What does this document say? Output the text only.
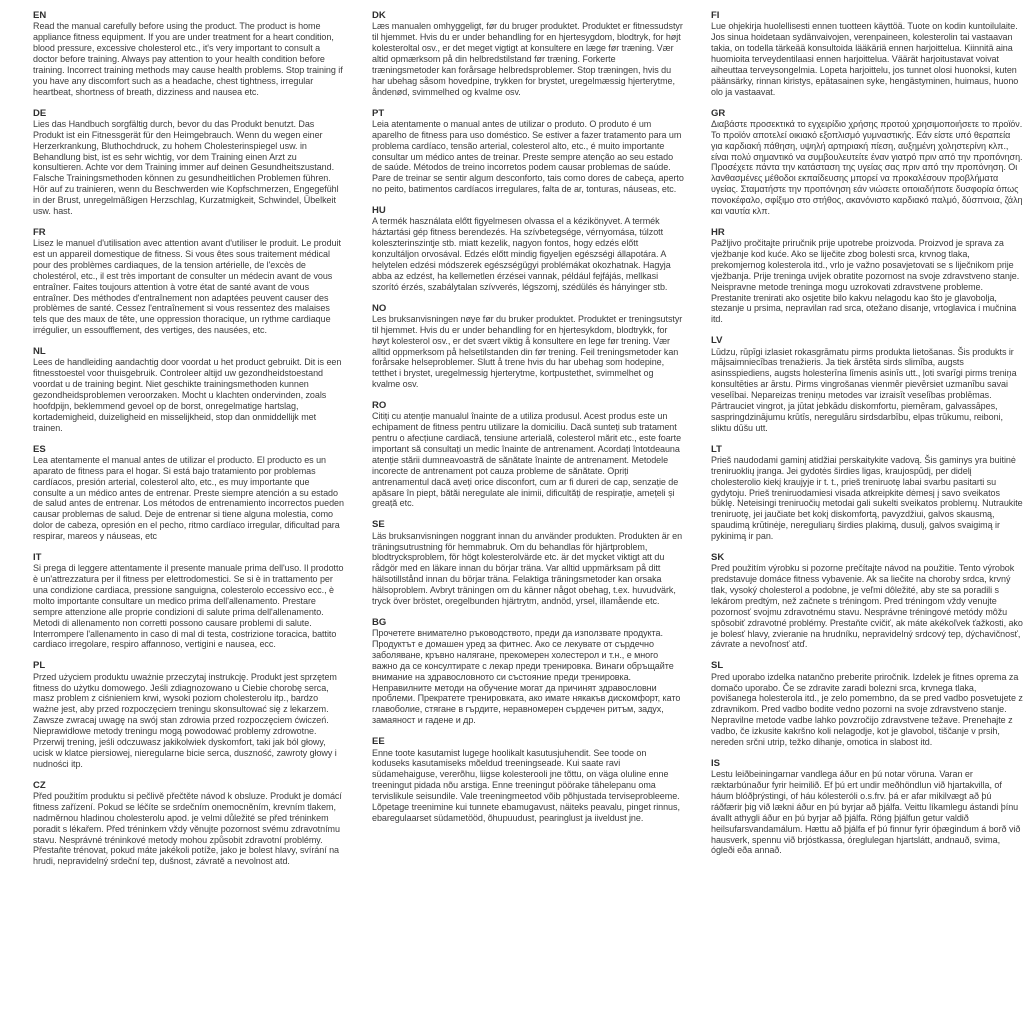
EN

Read the manual carefully before using the product. The product is home appliance fitness equipment. If you are under treatment for a heart condition, blood pressure, excessive cholesterol etc., it's very important to consult a doctor before training. Always pay attention to your health condition before training. Incorrect training methods may cause health problems. Stop training if you have any discomfort such as a headache, chest tightness, irregular heartbeat, shortness of breath, dizziness and nausea etc.

DE

Lies das Handbuch sorgfältig durch, bevor du das Produkt benutzt. Das Produkt ist ein Fitnessgerät für den Heimgebrauch. Wenn du wegen einer Herzerkrankung, Bluthochdruck, zu hohem Cholesterinspiegel usw. in Behandlung bist, ist es sehr wichtig, vor dem Training einen Arzt zu konsultieren. Achte vor dem Training immer auf deinen Gesundheitszustand. Falsche Trainingsmethoden können zu gesundheitlichen Problemen führen. Hör auf zu trainieren, wenn du Beschwerden wie Kopfschmerzen, Engegefühl in der Brust, unregelmäßigen Herzschlag, Kurzatmigkeit, Schwindel, Übelkeit usw. hast.

FR

Lisez le manuel d'utilisation avec attention avant d'utiliser le produit. Le produit est un appareil domestique de fitness. Si vous êtes sous traitement médical pour des problèmes cardiaques, de la tension artérielle, de l'excès de cholestérol, etc., il est très important de consulter un médecin avant de vous entraîner. Faites toujours attention à votre état de santé avant de vous entraîner. Des méthodes d'entraînement non adaptées peuvent causer des problèmes de santé. Cessez l'entraînement si vous ressentez des malaises tels que des maux de tête, une oppression thoracique, un rythme cardiaque irrégulier, un essoufflement, des vertiges, des nausées, etc.

NL

Lees de handleiding aandachtig door voordat u het product gebruikt. Dit is een fitnesstoestel voor thuisgebruik. Controleer altijd uw gezondheidstoestand voordat u de training begint. Niet geschikte trainingsmethoden kunnen gezondheidsproblemen veroorzaken. Mocht u klachten ondervinden, zoals hoofdpijn, beklemmend gevoel op de borst, onregelmatige hartslag, kortademigheid, duizeligheid en misselijkheid, stop dan onmiddellijk met trainen.

ES

Lea atentamente el manual antes de utilizar el producto. El producto es un aparato de fitness para el hogar. Si está bajo tratamiento por problemas cardíacos, presión arterial, colesterol alto, etc., es muy importante que consulte a un médico antes de entrenar. Preste siempre atención a su estado de salud antes de entrenar. Los métodos de entrenamiento incorrectos pueden causar problemas de salud. Deje de entrenar si tiene alguna molestia, como dolor de cabeza, opresión en el pecho, ritmo cardíaco irregular, dificultad para respirar, mareos y náuseas, etc

IT

Si prega di leggere attentamente il presente manuale prima dell'uso. Il prodotto è un'attrezzatura per il fitness per elettrodomestici. Se si è in trattamento per una condizione cardiaca, pressione sanguigna, colesterolo eccessivo ecc., è molto importante consultare un medico prima dell'allenamento. Prestare sempre attenzione alle proprie condizioni di salute prima dell'allenamento. Metodi di allenamento non corretti possono causare problemi di salute. Interrompere l'allenamento in caso di mal di testa, costrizione toracica, battito cardiaco irregolare, respiro affannoso, vertigini e nausea, ecc.

PL

Przed użyciem produktu uważnie przeczytaj instrukcję. Produkt jest sprzętem fitness do użytku domowego. Jeśli zdiagnozowano u Ciebie chorobę serca, masz problem z ciśnieniem krwi, wysoki poziom cholesterolu itp., bardzo ważne jest, aby przed rozpoczęciem treningu skonsultować się z lekarzem. Zawsze zwracaj uwagę na swój stan zdrowia przed rozpoczęciem ćwiczeń. Nieprawidłowe metody treningu mogą powodować problemy zdrowotne. Przerwij trening, jeśli odczuwasz jakikolwiek dyskomfort, taki jak ból głowy, ucisk w klatce piersiowej, nieregularne bicie serca, duszność, zawroty głowy i nudności itp.

CZ

Před použitím produktu si pečlivě přečtěte návod k obsluze. Produkt je domácí fitness zařízení. Pokud se léčíte se srdečním onemocněním, krevním tlakem, nadměrnou hladinou cholesterolu apod. je velmi důležité se před tréninkem poradit s lékařem. Před tréninkem vždy věnujte pozornost svému zdravotnímu stavu. Nesprávné tréninkové metody mohou způsobit zdravotní problémy. Přestaňte trénovat, pokud máte jakékoli potíže, jako je bolest hlavy, svírání na hrudi, nepravidelný srdeční tep, dušnost, závratě a nevolnost atd.

DK

Læs manualen omhyggeligt, før du bruger produktet. Produktet er fitnessudstyr til hjemmet. Hvis du er under behandling for en hjertesygdom, blodtryk, for højt kolesteroltal osv., er det meget vigtigt at konsultere en læge før træning. Vær altid opmærksom på din helbredstilstand før træning. Forkerte træningsmetoder kan forårsage helbredsproblemer. Stop træningen, hvis du har ubehag såsom hovedpine, trykken for brystet, uregelmæssig hjerterytme, åndenød, svimmelhed og kvalme osv.

PT

Leia atentamente o manual antes de utilizar o produto. O produto é um aparelho de fitness para uso doméstico. Se estiver a fazer tratamento para um problema cardíaco, tensão arterial, colesterol alto, etc., é muito importante consultar um médico antes de treinar. Preste sempre atenção ao seu estado de saúde. Métodos de treino incorretos podem causar problemas de saúde. Pare de treinar se sentir algum desconforto, tais como dores de cabeça, aperto no peito, batimentos cardíacos irregulares, falta de ar, tonturas, náuseas, etc.

HU

A termék használata előtt figyelmesen olvassa el a kézikönyvet. A termék háztartási gép fitness berendezés. Ha szívbetegsége, vérnyomása, túlzott koleszterinszintje stb. miatt kezelik, nagyon fontos, hogy edzés előtt konzultáljon orvosával. Edzés előtt mindig figyeljen egészségi állapotára. A helytelen edzési módszerek egészségügyi problémákat okozhatnak. Hagyja abba az edzést, ha kellemetlen érzései vannak, például fejfájás, mellkasi szorító érzés, szabálytalan szívverés, légszomj, szédülés és hányinger stb.

NO

Les bruksanvisningen nøye før du bruker produktet. Produktet er treningsutstyr til hjemmet. Hvis du er under behandling for en hjertesykdom, blodtrykk, for høyt kolesterol osv., er det svært viktig å konsultere en lege før trening. Vær alltid oppmerksom på helsetilstanden din før trening. Feil treningsmetoder kan forårsake helseproblemer. Slutt å trene hvis du har ubehag som hodepine, tetthet i brystet, uregelmessig hjerterytme, kortpustethet, svimmelhet og kvalme osv.

RO

Citiți cu atenție manualul înainte de a utiliza produsul. Acest produs este un echipament de fitness pentru utilizare la domiciliu. Dacă sunteți sub tratament pentru o afecțiune cardiacă, tensiune arterială, colesterol mărit etc., este foarte important să consultați un medic înainte de antrenament. Acordați întotdeauna atenție stării dumneavoastră de sănătate înainte de antrenament. Metodele incorecte de antrenament pot cauza probleme de sănătate. Opriți antrenamentul dacă aveți orice disconfort, cum ar fi dureri de cap, senzație de apăsare în piept, bătăi neregulate ale inimii, dificultăți de respirație, amețeli și greață etc.

SE

Läs bruksanvisningen noggrant innan du använder produkten. Produkten är en träningsutrustning för hemmabruk. Om du behandlas för hjärtproblem, blodtrycksproblem, för högt kolesterolvärde etc. är det mycket viktigt att du rådgör med en läkare innan du börjar träna. Var alltid uppmärksam på ditt hälsotillstånd innan du börjar träna. Felaktiga träningsmetoder kan orsaka hälsoproblem. Avbryt träningen om du känner något obehag, t.ex. huvudvärk, tryck över bröstet, oregelbunden hjärtrytm, andnöd, yrsel, illamående etc.

BG

Прочетете внимателно ръководството, преди да използвате продукта. Продуктът е домашен уред за фитнес. Ако се лекувате от сърдечно заболяване, кръвно налягане, прекомерен холестерол и т.н., е много важно да се консултирате с лекар преди тренировка. Винаги обръщайте внимание на здравословното си състояние преди тренировка. Неправилните методи на обучение могат да причинят здравословни проблеми. Прекратете тренировката, ако имате някакъв дискомфорт, като главоболие, стягане в гърдите, неравномерен сърдечен ритъм, задух, замаяност и гадене и др.

EE

Enne toote kasutamist lugege hoolikalt kasutusjuhendit. See toode on koduseks kasutamiseks mõeldud treeningseade. Kui saate ravi südamehaiguse, vererõhu, liigse kolesterooli jne tõttu, on väga oluline enne treeningut pidada nõu arstiga. Enne treeningut pöörake tähelepanu oma tervislikule seisundile. Vale treeningmeetod võib põhjustada terviseprobleeme. Lõpetage treenimine kui tunnete ebamugavust, näiteks peavalu, pinget rinnus, ebaregulaarset südametööd, õhupuudust, pearinglust ja iiveldust jne.

FI

Lue ohjekirja huolellisesti ennen tuotteen käyttöä. Tuote on kodin kuntoilulaite. Jos sinua hoidetaan sydänvaivojen, verenpaineen, kolesterolin tai vastaavan takia, on todella tärkeää konsultoida lääkäriä ennen harjoittelua. Kiinnitä aina huomioita terveydentilaasi ennen harjoittelua. Väärät harjoitustavat voivat aiheuttaa terveysongelmia. Lopeta harjoittelu, jos tunnet olosi huonoksi, kuten päänsärky, rinnan kiristys, epätasainen syke, hengästyminen, huimaus, huono olo ja vastaavat.

GR

Διαβάστε προσεκτικά το εγχειρίδιο χρήσης προτού χρησιμοποιήσετε το προϊόν. Το προϊόν αποτελεί οικιακό εξοπλισμό γυμναστικής. Εάν είστε υπό θεραπεία για καρδιακή πάθηση, υψηλή αρτηριακή πίεση, αυξημένη χοληστερίνη κλπ., είναι πολύ σημαντικό να συμβουλευτείτε έναν γιατρό πριν από την προπόνηση. Προσέχετε πάντα την κατάσταση της υγείας σας πριν από την προπόνηση. Οι λανθασμένες μέθοδοι εκπαίδευσης μπορεί να προκαλέσουν προβλήματα υγείας. Σταματήστε την προπόνηση εάν νιώσετε οποιαδήποτε δυσφορία όπως πονοκέφαλο, σφίξιμο στο στήθος, ακανόνιστο καρδιακό παλμό, δύσπνοια, ζάλη και ναυτία κλπ.

HR

Pažljivo pročitajte priručnik prije upotrebe proizvoda. Proizvod je sprava za vježbanje kod kuće. Ako se liječite zbog bolesti srca, krvnog tlaka, prekomjernog kolesterola itd., vrlo je važno posavjetovati se s liječnikom prije vježbanja. Prije treninga uvijek obratite pozornost na svoje zdravstveno stanje. Neispravne metode treninga mogu uzrokovati zdravstvene probleme. Prestanite trenirati ako osjetite bilo kakvu nelagodu kao što je glavobolja, stezanje u prsima, nepravilan rad srca, otežano disanje, vrtoglavica i mučnina itd.

LV

Lūdzu, rūpīgi izlasiet rokasgrāmatu pirms produkta lietošanas. Šis produkts ir mājsaimniecības trenažieris. Ja tiek ārstēta sirds slimība, augsts asinsspiediens, augsts holesterīna līmenis asinīs utt., ļoti svarīgi pirms treniņa konsultēties ar ārstu. Pirms vingrošanas vienmēr pievērsiet uzmanību savai veselībai. Nepareizas treniņu metodes var izraisīt veselības problēmas. Pārtrauciet vingrot, ja jūtat jebkādu diskomfortu, piemēram, galvassāpes, saspringdzinājumu krūtīs, neregulāru sirdsdarbību, elpas trūkumu, reiboni, sliktu dūšu utt.

LT

Prieš naudodami gaminį atidžiai perskaitykite vadovą. Šis gaminys yra buitinė treniruoklių įranga. Jei gydotės širdies ligas, kraujospūdį, per didelį cholesterolio kiekį kraujyje ir t. t., prieš treniruotę labai svarbu pasitarti su gydytoju. Prieš treniruodamiesi visada atkreipkite dėmesį į savo sveikatos būklę. Neteisingi treniruočių metodai gali sukelti sveikatos problemų. Nutraukite treniruotę, jei jaučiate bet kokį diskomfortą, pavyzdžiui, galvos skausmą, spaudimą krūtinėje, nereguliarų širdies plakimą, dusulį, galvos svaigimą ir pykinimą ir pan.

SK

Pred použitím výrobku si pozorne prečítajte návod na použitie. Tento výrobok predstavuje domáce fitness vybavenie. Ak sa liečite na choroby srdca, krvný tlak, vysoký cholesterol a podobne, je veľmi dôležité, aby ste sa poradili s lekárom predtým, než začnete s tréningom. Pred tréningom vždy venujte pozornosť svojmu zdravotnému stavu. Nesprávne tréningové metódy môžu spôsobiť zdravotné problémy. Prestaňte cvičiť, ak máte akékoľvek ťažkosti, ako je bolesť hlavy, zvieranie na hrudníku, nepravidelný srdcový tep, dýchavičnosť, závrate a nevoľnosť atď.

SL

Pred uporabo izdelka natančno preberite priročnik. Izdelek je fitnes oprema za domačo uporabo. Če se zdravite zaradi bolezni srca, krvnega tlaka, povišanega holesterola itd., je zelo pomembno, da se pred vadbo posvetujete z zdravnikom. Pred vadbo bodite vedno pozorni na svoje zdravstveno stanje. Nepravilne metode vadbe lahko povzročijo zdravstvene težave. Prenehajte z vadbo, če izkusite kakršno koli nelagodje, kot je glavobol, tiščanje v prsih, nereden srčni utrip, težko dihanje, omotica in slabost itd.

IS

Lestu leiðbeiningarnar vandlega áður en þú notar vöruna. Varan er ræktarbúnaður fyrir heimilið. Ef þú ert undir meðhöndlun við hjartakvilla, of háum blóðþrýstingi, of háu kólesteróli o.s.frv. þá er afar mikilvægt að þú ráðfærir þig við lækni áður en þú byrjar að þjálfa. Veittu líkamlegu ástandi þínu ávallt athygli áður en þú byrjar að þjálfa. Röng þjálfun getur valdið heilsufarsvandamálum. Hættu að þjálfa ef þú finnur fyrir óþægindum á borð við hausverk, spennu við brjóstkassa, óreglulegan hjartslátt, andnauð, svima, ógleði eða annað.
